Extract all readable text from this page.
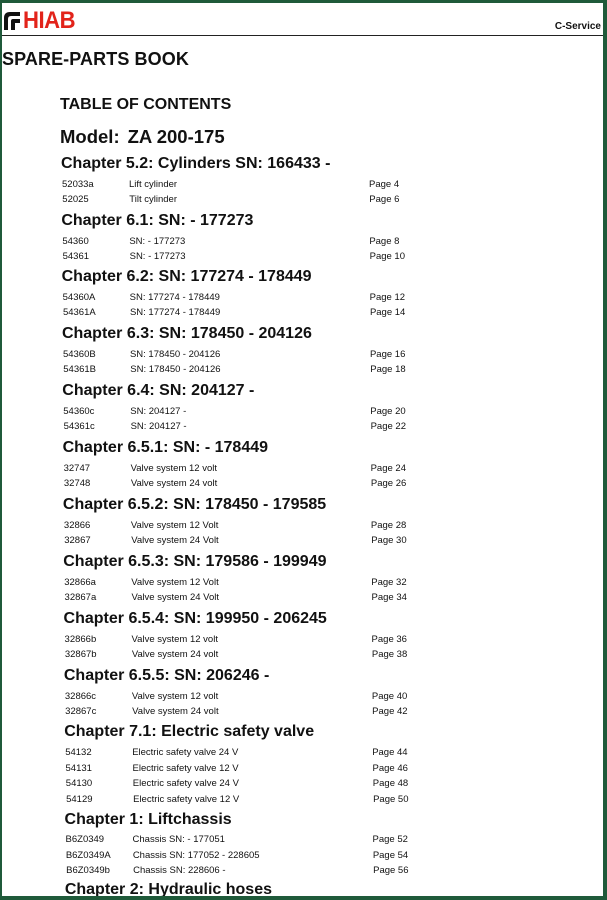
HIAB	C-Service
SPARE-PARTS BOOK
TABLE OF CONTENTS
Model: ZA 200-175
Chapter 5.2: Cylinders SN: 166433 -
52033a	Lift cylinder	Page 4
52025	Tilt cylinder	Page 6
Chapter 6.1: SN: - 177273
54360	SN: - 177273	Page 8
54361	SN: - 177273	Page 10
Chapter 6.2: SN: 177274 - 178449
54360A	SN: 177274 - 178449	Page 12
54361A	SN: 177274 - 178449	Page 14
Chapter 6.3: SN: 178450 - 204126
54360B	SN: 178450 - 204126	Page 16
54361B	SN: 178450 - 204126	Page 18
Chapter 6.4: SN: 204127 -
54360c	SN: 204127 -	Page 20
54361c	SN: 204127 -	Page 22
Chapter 6.5.1: SN: - 178449
32747	Valve system 12 volt	Page 24
32748	Valve system 24 volt	Page 26
Chapter 6.5.2: SN: 178450 - 179585
32866	Valve system 12 Volt	Page 28
32867	Valve system 24 Volt	Page 30
Chapter 6.5.3: SN: 179586 - 199949
32866a	Valve system 12 Volt	Page 32
32867a	Valve system 24 Volt	Page 34
Chapter 6.5.4: SN: 199950 - 206245
32866b	Valve system 12 volt	Page 36
32867b	Valve system 24 volt	Page 38
Chapter 6.5.5: SN: 206246 -
32866c	Valve system 12 volt	Page 40
32867c	Valve system 24 volt	Page 42
Chapter 7.1: Electric safety valve
54132	Electric safety valve 24 V	Page 44
54131	Electric safety valve 12 V	Page 46
54130	Electric safety valve 24 V	Page 48
54129	Electric safety valve 12 V	Page 50
Chapter 1: Liftchassis
B6Z0349	Chassis SN: - 177051	Page 52
B6Z0349A Chassis SN: 177052 - 228605	Page 54
B6Z0349b Chassis SN: 228606 -	Page 56
Chapter 2: Hydraulic hoses
